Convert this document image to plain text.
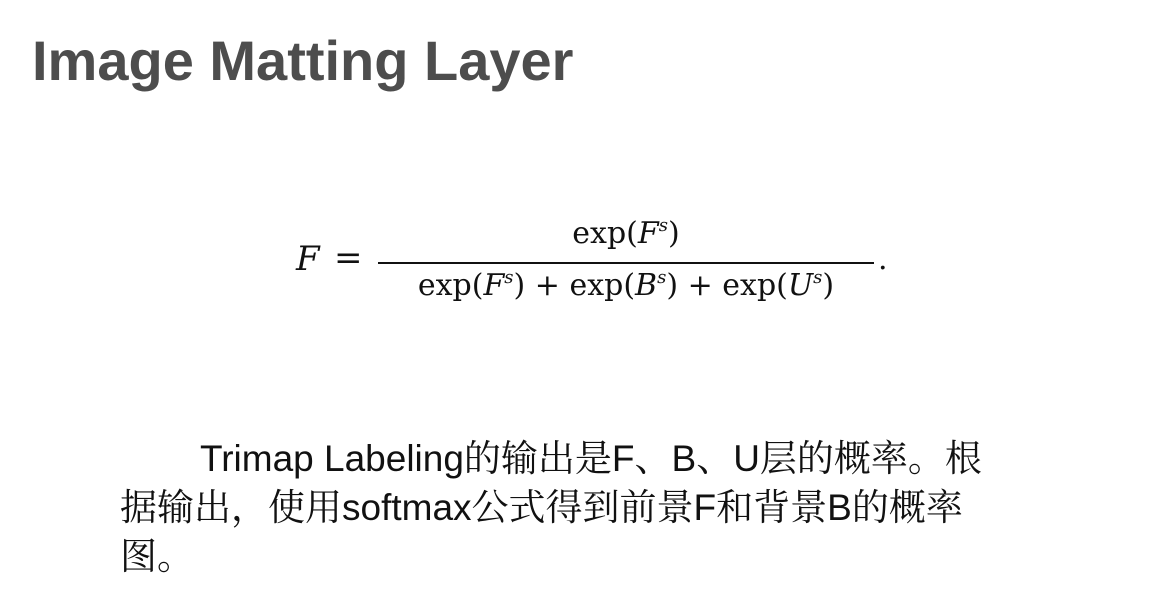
Image Matting Layer
F =
$\exp(F^s)$
$\exp(F^s) + \exp(B^s) + \exp(U^s)$
.

Trimap Labeling的输出是F、B、U层的概率。根据输出，使用softmax公式得到前景F和背景B的概率图。
